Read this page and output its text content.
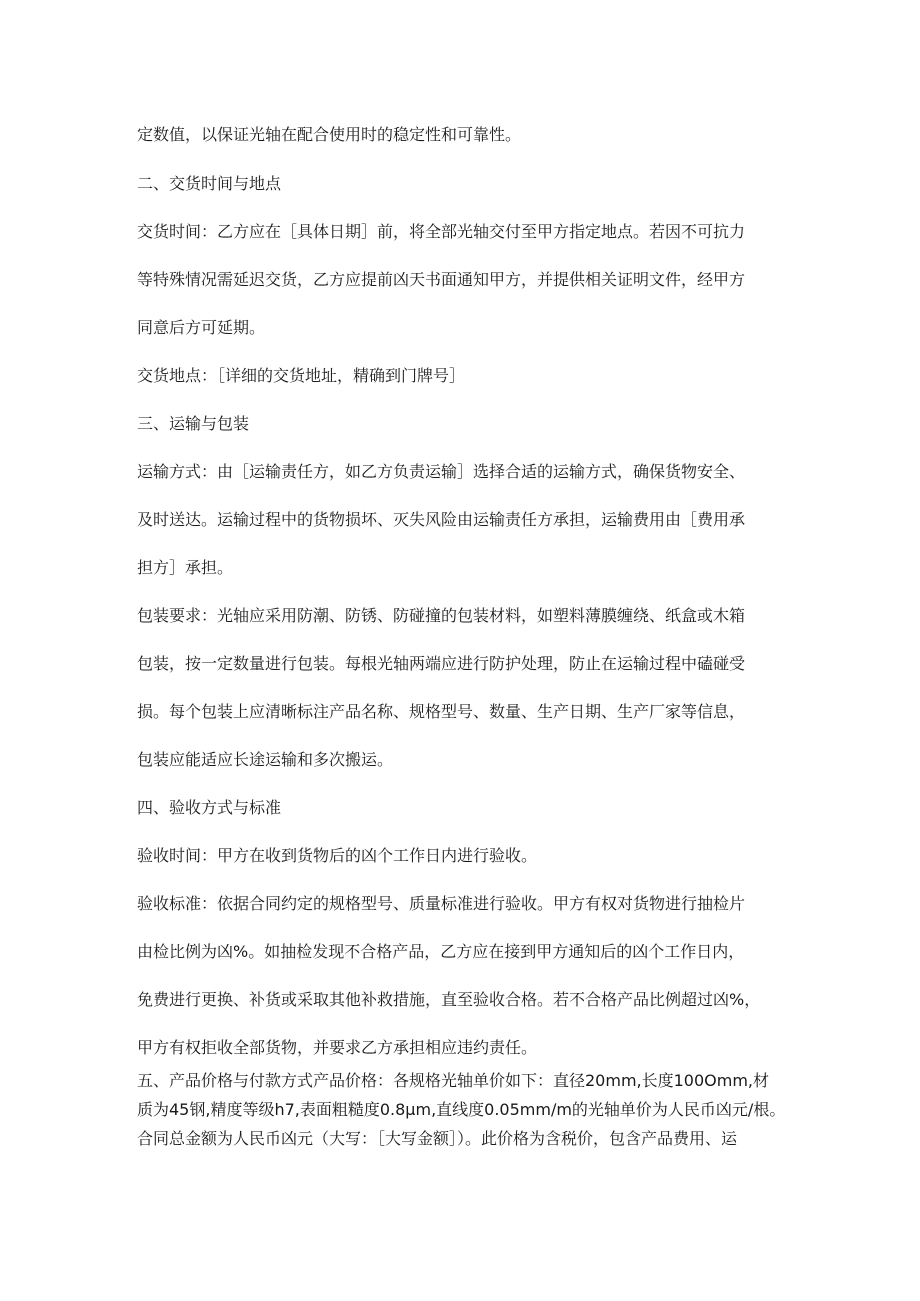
定数值，以保证光轴在配合使用时的稳定性和可靠性。
二、交货时间与地点
交货时间：乙方应在［具体日期］前，将全部光轴交付至甲方指定地点。若因不可抗力
等特殊情况需延迟交货，乙方应提前凶天书面通知甲方，并提供相关证明文件，经甲方
同意后方可延期。
交货地点：［详细的交货地址，精确到门牌号］
三、运输与包装
运输方式：由［运输责任方，如乙方负责运输］选择合适的运输方式，确保货物安全、
及时送达。运输过程中的货物损坏、灭失风险由运输责任方承担，运输费用由［费用承
担方］承担。
包装要求：光轴应采用防潮、防锈、防碰撞的包装材料，如塑料薄膜缠绕、纸盒或木箱
包装，按一定数量进行包装。每根光轴两端应进行防护处理，防止在运输过程中磕碰受
损。每个包装上应清晰标注产品名称、规格型号、数量、生产日期、生产厂家等信息，
包装应能适应长途运输和多次搬运。
四、验收方式与标准
验收时间：甲方在收到货物后的凶个工作日内进行验收。
验收标准：依据合同约定的规格型号、质量标准进行验收。甲方有权对货物进行抽检片
由检比例为凶%。如抽检发现不合格产品，乙方应在接到甲方通知后的凶个工作日内，
免费进行更换、补货或采取其他补救措施，直至验收合格。若不合格产品比例超过凶%，
甲方有权拒收全部货物，并要求乙方承担相应违约责任。
五、产品价格与付款方式产品价格：各规格光轴单价如下：直径20mm,长度100Omm,材
质为45钢,精度等级h7,表面粗糙度0.8μm,直线度0.05mm∕m的光轴单价为人民币凶元/根。
合同总金额为人民币凶元（大写：［大写金额］）。此价格为含税价，包含产品费用、运
